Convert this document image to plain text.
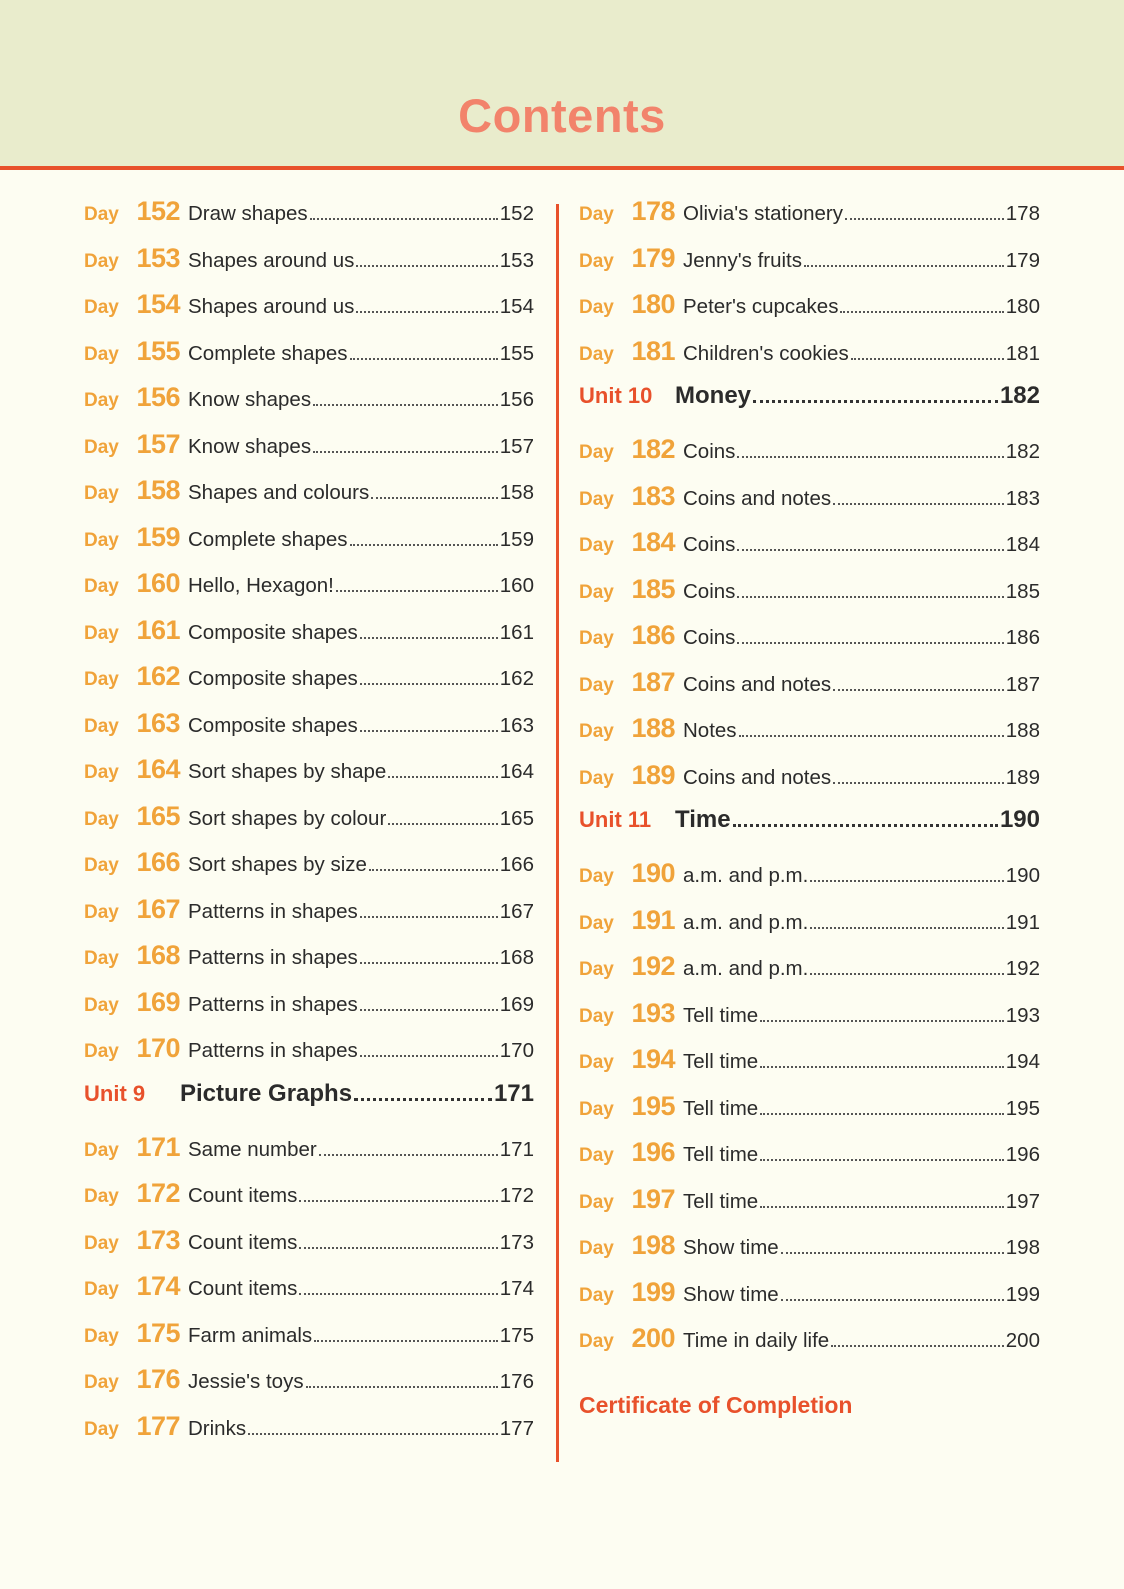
Contents
Day 152 Draw shapes	152
Day 153 Shapes around us	153
Day 154 Shapes around us	154
Day 155 Complete shapes	155
Day 156 Know shapes	156
Day 157 Know shapes	157
Day 158 Shapes and colours	158
Day 159 Complete shapes	159
Day 160 Hello, Hexagon!	160
Day 161 Composite shapes	161
Day 162 Composite shapes	162
Day 163 Composite shapes	163
Day 164 Sort shapes by shape	164
Day 165 Sort shapes by colour	165
Day 166 Sort shapes by size	166
Day 167 Patterns in shapes	167
Day 168 Patterns in shapes	168
Day 169 Patterns in shapes	169
Day 170 Patterns in shapes	170
Unit 9	Picture Graphs	171
Day 171 Same number	171
Day 172 Count items	172
Day 173 Count items	173
Day 174 Count items	174
Day 175 Farm animals	175
Day 176 Jessie's toys	176
Day 177 Drinks	177
Day 178 Olivia's stationery	178
Day 179 Jenny's fruits	179
Day 180 Peter's cupcakes	180
Day 181 Children's cookies	181
Unit 10 Money	182
Day 182 Coins	182
Day 183 Coins and notes	183
Day 184 Coins	184
Day 185 Coins	185
Day 186 Coins	186
Day 187 Coins and notes	187
Day 188 Notes	188
Day 189 Coins and notes	189
Unit 11 Time	190
Day 190 a.m. and p.m.	190
Day 191 a.m. and p.m.	191
Day 192 a.m. and p.m.	192
Day 193 Tell time	193
Day 194 Tell time	194
Day 195 Tell time	195
Day 196 Tell time	196
Day 197 Tell time	197
Day 198 Show time	198
Day 199 Show time	199
Day 200 Time in daily life	200
Certificate of Completion
